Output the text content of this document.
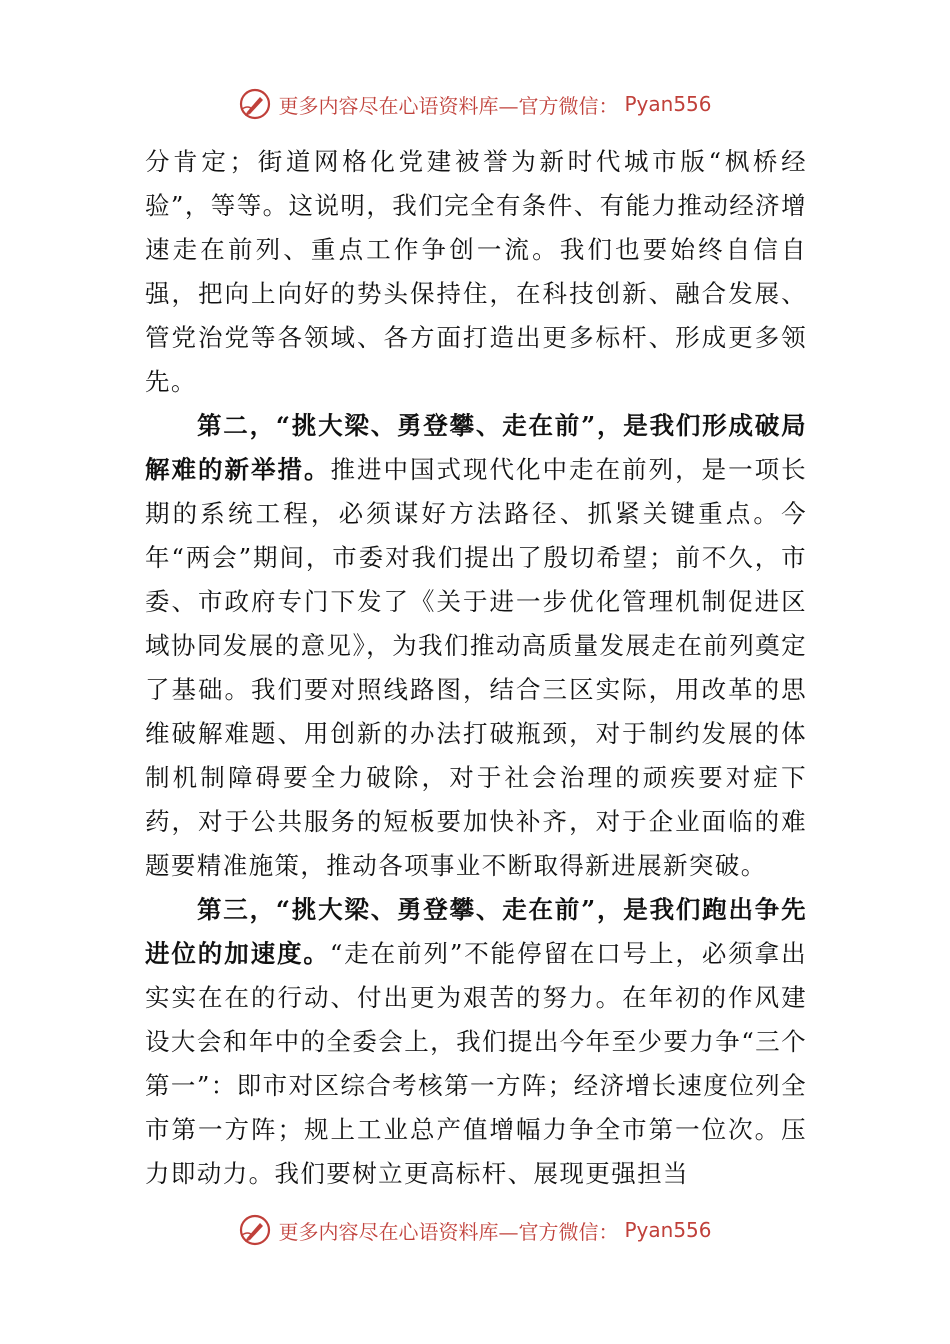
更多内容尽在心语资料库—官方微信： Pyan556

分肯定；街道网格化党建被誉为新时代城市版“枫桥经验”，等等。这说明，我们完全有条件、有能力推动经济增速走在前列、重点工作争创一流。我们也要始终自信自强，把向上向好的势头保持住，在科技创新、融合发展、管党治党等各领域、各方面打造出更多标杆、形成更多领先。

第二，“挑大梁、勇登攀、走在前”，是我们形成破局解难的新举措。推进中国式现代化中走在前列，是一项长期的系统工程，必须谋好方法路径、抓紧关键重点。今年“两会”期间，市委对我们提出了殷切希望；前不久，市委、市政府专门下发了《关于进一步优化管理机制促进区域协同发展的意见》，为我们推动高质量发展走在前列奠定了基础。我们要对照线路图，结合三区实际，用改革的思维破解难题、用创新的办法打破瓶颈，对于制约发展的体制机制障碍要全力破除，对于社会治理的顽疾要对症下药，对于公共服务的短板要加快补齐，对于企业面临的难题要精准施策，推动各项事业不断取得新进展新突破。

第三，“挑大梁、勇登攀、走在前”，是我们跑出争先进位的加速度。“走在前列”不能停留在口号上，必须拿出实实在在的行动、付出更为艰苦的努力。在年初的作风建设大会和年中的全委会上，我们提出今年至少要力争“三个第一”：即市对区综合考核第一方阵；经济增长速度位列全市第一方阵；规上工业总产值增幅力争全市第一位次。压力即动力。我们要树立更高标杆、展现更强担当

更多内容尽在心语资料库—官方微信： Pyan556
